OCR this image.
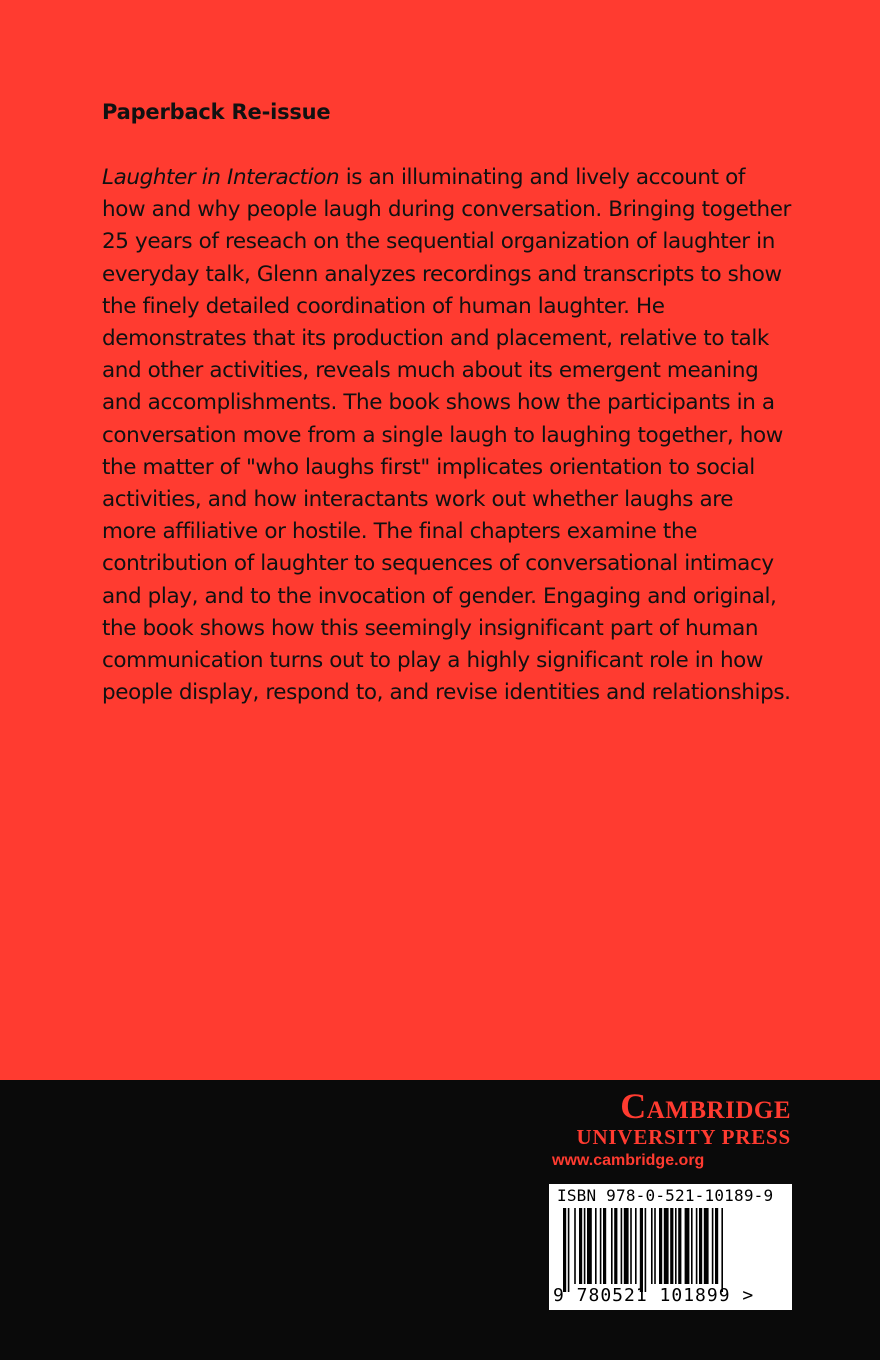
Paperback Re-issue

Laughter in Interaction is an illuminating and lively account of how and why people laugh during conversation. Bringing together 25 years of reseach on the sequential organization of laughter in everyday talk, Glenn analyzes recordings and transcripts to show the finely detailed coordination of human laughter. He demonstrates that its production and placement, relative to talk and other activities, reveals much about its emergent meaning and accomplishments. The book shows how the participants in a conversation move from a single laugh to laughing together, how the matter of "who laughs first" implicates orientation to social activities, and how interactants work out whether laughs are more affiliative or hostile. The final chapters examine the contribution of laughter to sequences of conversational intimacy and play, and to the invocation of gender. Engaging and original, the book shows how this seemingly insignificant part of human communication turns out to play a highly significant role in how people display, respond to, and revise identities and relationships.

Cambridge
UNIVERSITY PRESS
www.cambridge.org
ISBN 978-0-521-10189-9
9 780521 101899 >
